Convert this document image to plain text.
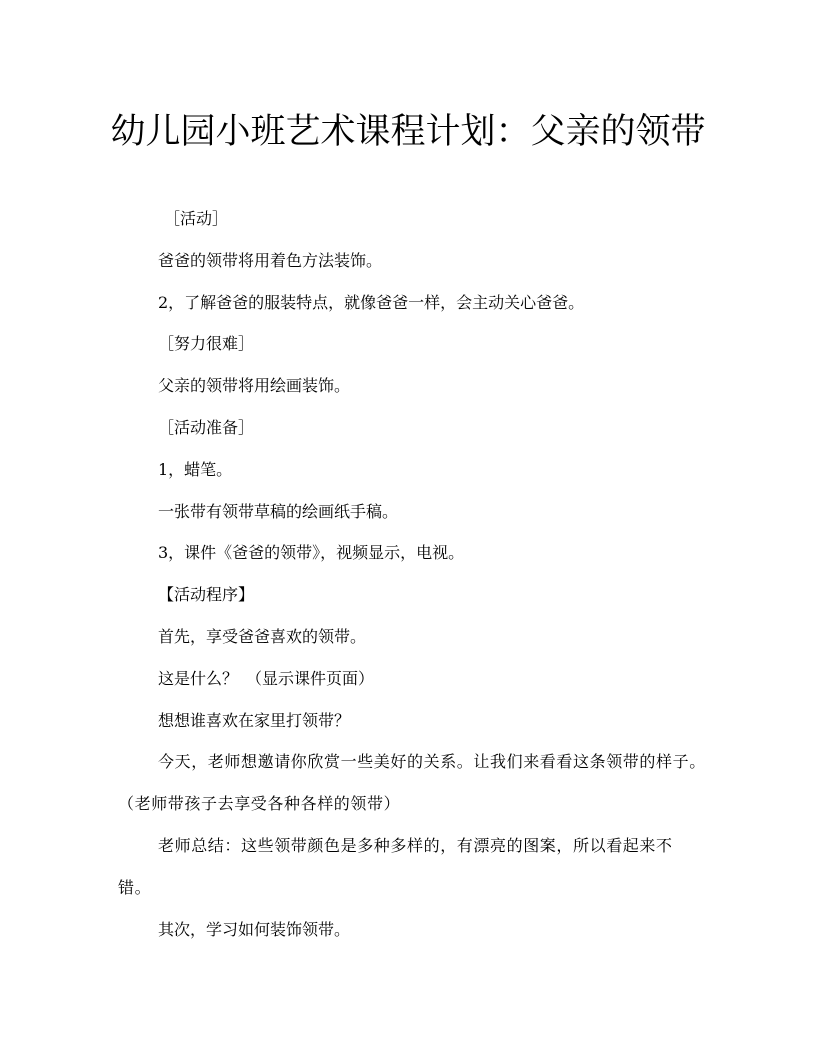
幼儿园小班艺术课程计划：父亲的领带

［活动］

爸爸的领带将用着色方法装饰。

2，了解爸爸的服装特点，就像爸爸一样，会主动关心爸爸。

［努力很难］

父亲的领带将用绘画装饰。

［活动准备］

1，蜡笔。

一张带有领带草稿的绘画纸手稿。

3，课件《爸爸的领带》，视频显示，电视。

【活动程序】

首先，享受爸爸喜欢的领带。

这是什么？　（显示课件页面）

想想谁喜欢在家里打领带？

今天，老师想邀请你欣赏一些美好的关系。让我们来看看这条领带的样子。　（老师带孩子去享受各种各样的领带）

老师总结：这些领带颜色是多种多样的，有漂亮的图案，所以看起来不错。

其次，学习如何装饰领带。
